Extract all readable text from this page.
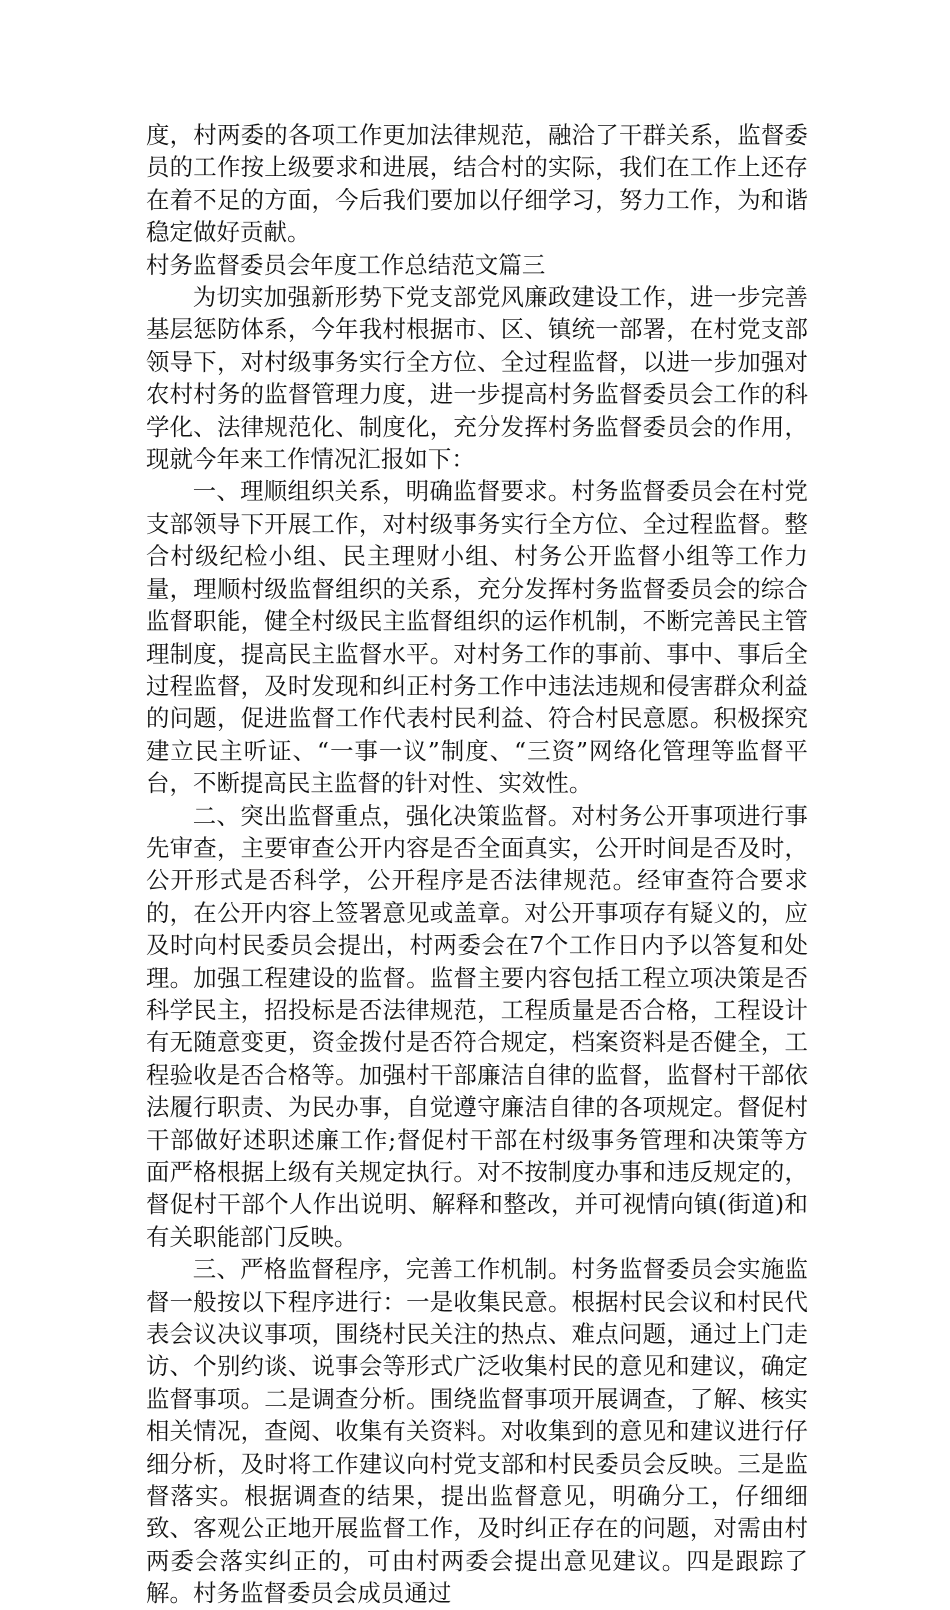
度，村两委的各项工作更加法律规范，融洽了干群关系，监督委员的工作按上级要求和进展，结合村的实际，我们在工作上还存在着不足的方面，今后我们要加以仔细学习，努力工作，为和谐稳定做好贡献。

村务监督委员会年度工作总结范文篇三

为切实加强新形势下党支部党风廉政建设工作，进一步完善基层惩防体系，今年我村根据市、区、镇统一部署，在村党支部领导下，对村级事务实行全方位、全过程监督，以进一步加强对农村村务的监督管理力度，进一步提高村务监督委员会工作的科学化、法律规范化、制度化，充分发挥村务监督委员会的作用，现就今年来工作情况汇报如下：

一、理顺组织关系，明确监督要求。村务监督委员会在村党支部领导下开展工作，对村级事务实行全方位、全过程监督。整合村级纪检小组、民主理财小组、村务公开监督小组等工作力量，理顺村级监督组织的关系，充分发挥村务监督委员会的综合监督职能，健全村级民主监督组织的运作机制，不断完善民主管理制度，提高民主监督水平。对村务工作的事前、事中、事后全过程监督，及时发现和纠正村务工作中违法违规和侵害群众利益的问题，促进监督工作代表村民利益、符合村民意愿。积极探究建立民主听证、“一事一议”制度、“三资”网络化管理等监督平台，不断提高民主监督的针对性、实效性。

二、突出监督重点，强化决策监督。对村务公开事项进行事先审查，主要审查公开内容是否全面真实，公开时间是否及时，公开形式是否科学，公开程序是否法律规范。经审查符合要求的，在公开内容上签署意见或盖章。对公开事项存有疑义的，应及时向村民委员会提出，村两委会在7个工作日内予以答复和处理。加强工程建设的监督。监督主要内容包括工程立项决策是否科学民主，招投标是否法律规范，工程质量是否合格，工程设计有无随意变更，资金拨付是否符合规定，档案资料是否健全，工程验收是否合格等。加强村干部廉洁自律的监督，监督村干部依法履行职责、为民办事，自觉遵守廉洁自律的各项规定。督促村干部做好述职述廉工作;督促村干部在村级事务管理和决策等方面严格根据上级有关规定执行。对不按制度办事和违反规定的，督促村干部个人作出说明、解释和整改，并可视情向镇(街道)和有关职能部门反映。

三、严格监督程序，完善工作机制。村务监督委员会实施监督一般按以下程序进行：一是收集民意。根据村民会议和村民代表会议决议事项，围绕村民关注的热点、难点问题，通过上门走访、个别约谈、说事会等形式广泛收集村民的意见和建议，确定监督事项。二是调查分析。围绕监督事项开展调查，了解、核实相关情况，查阅、收集有关资料。对收集到的意见和建议进行仔细分析，及时将工作建议向村党支部和村民委员会反映。三是监督落实。根据调查的结果，提出监督意见，明确分工，仔细细致、客观公正地开展监督工作，及时纠正存在的问题，对需由村两委会落实纠正的，可由村两委会提出意见建议。四是跟踪了解。村务监督委员会成员通过
